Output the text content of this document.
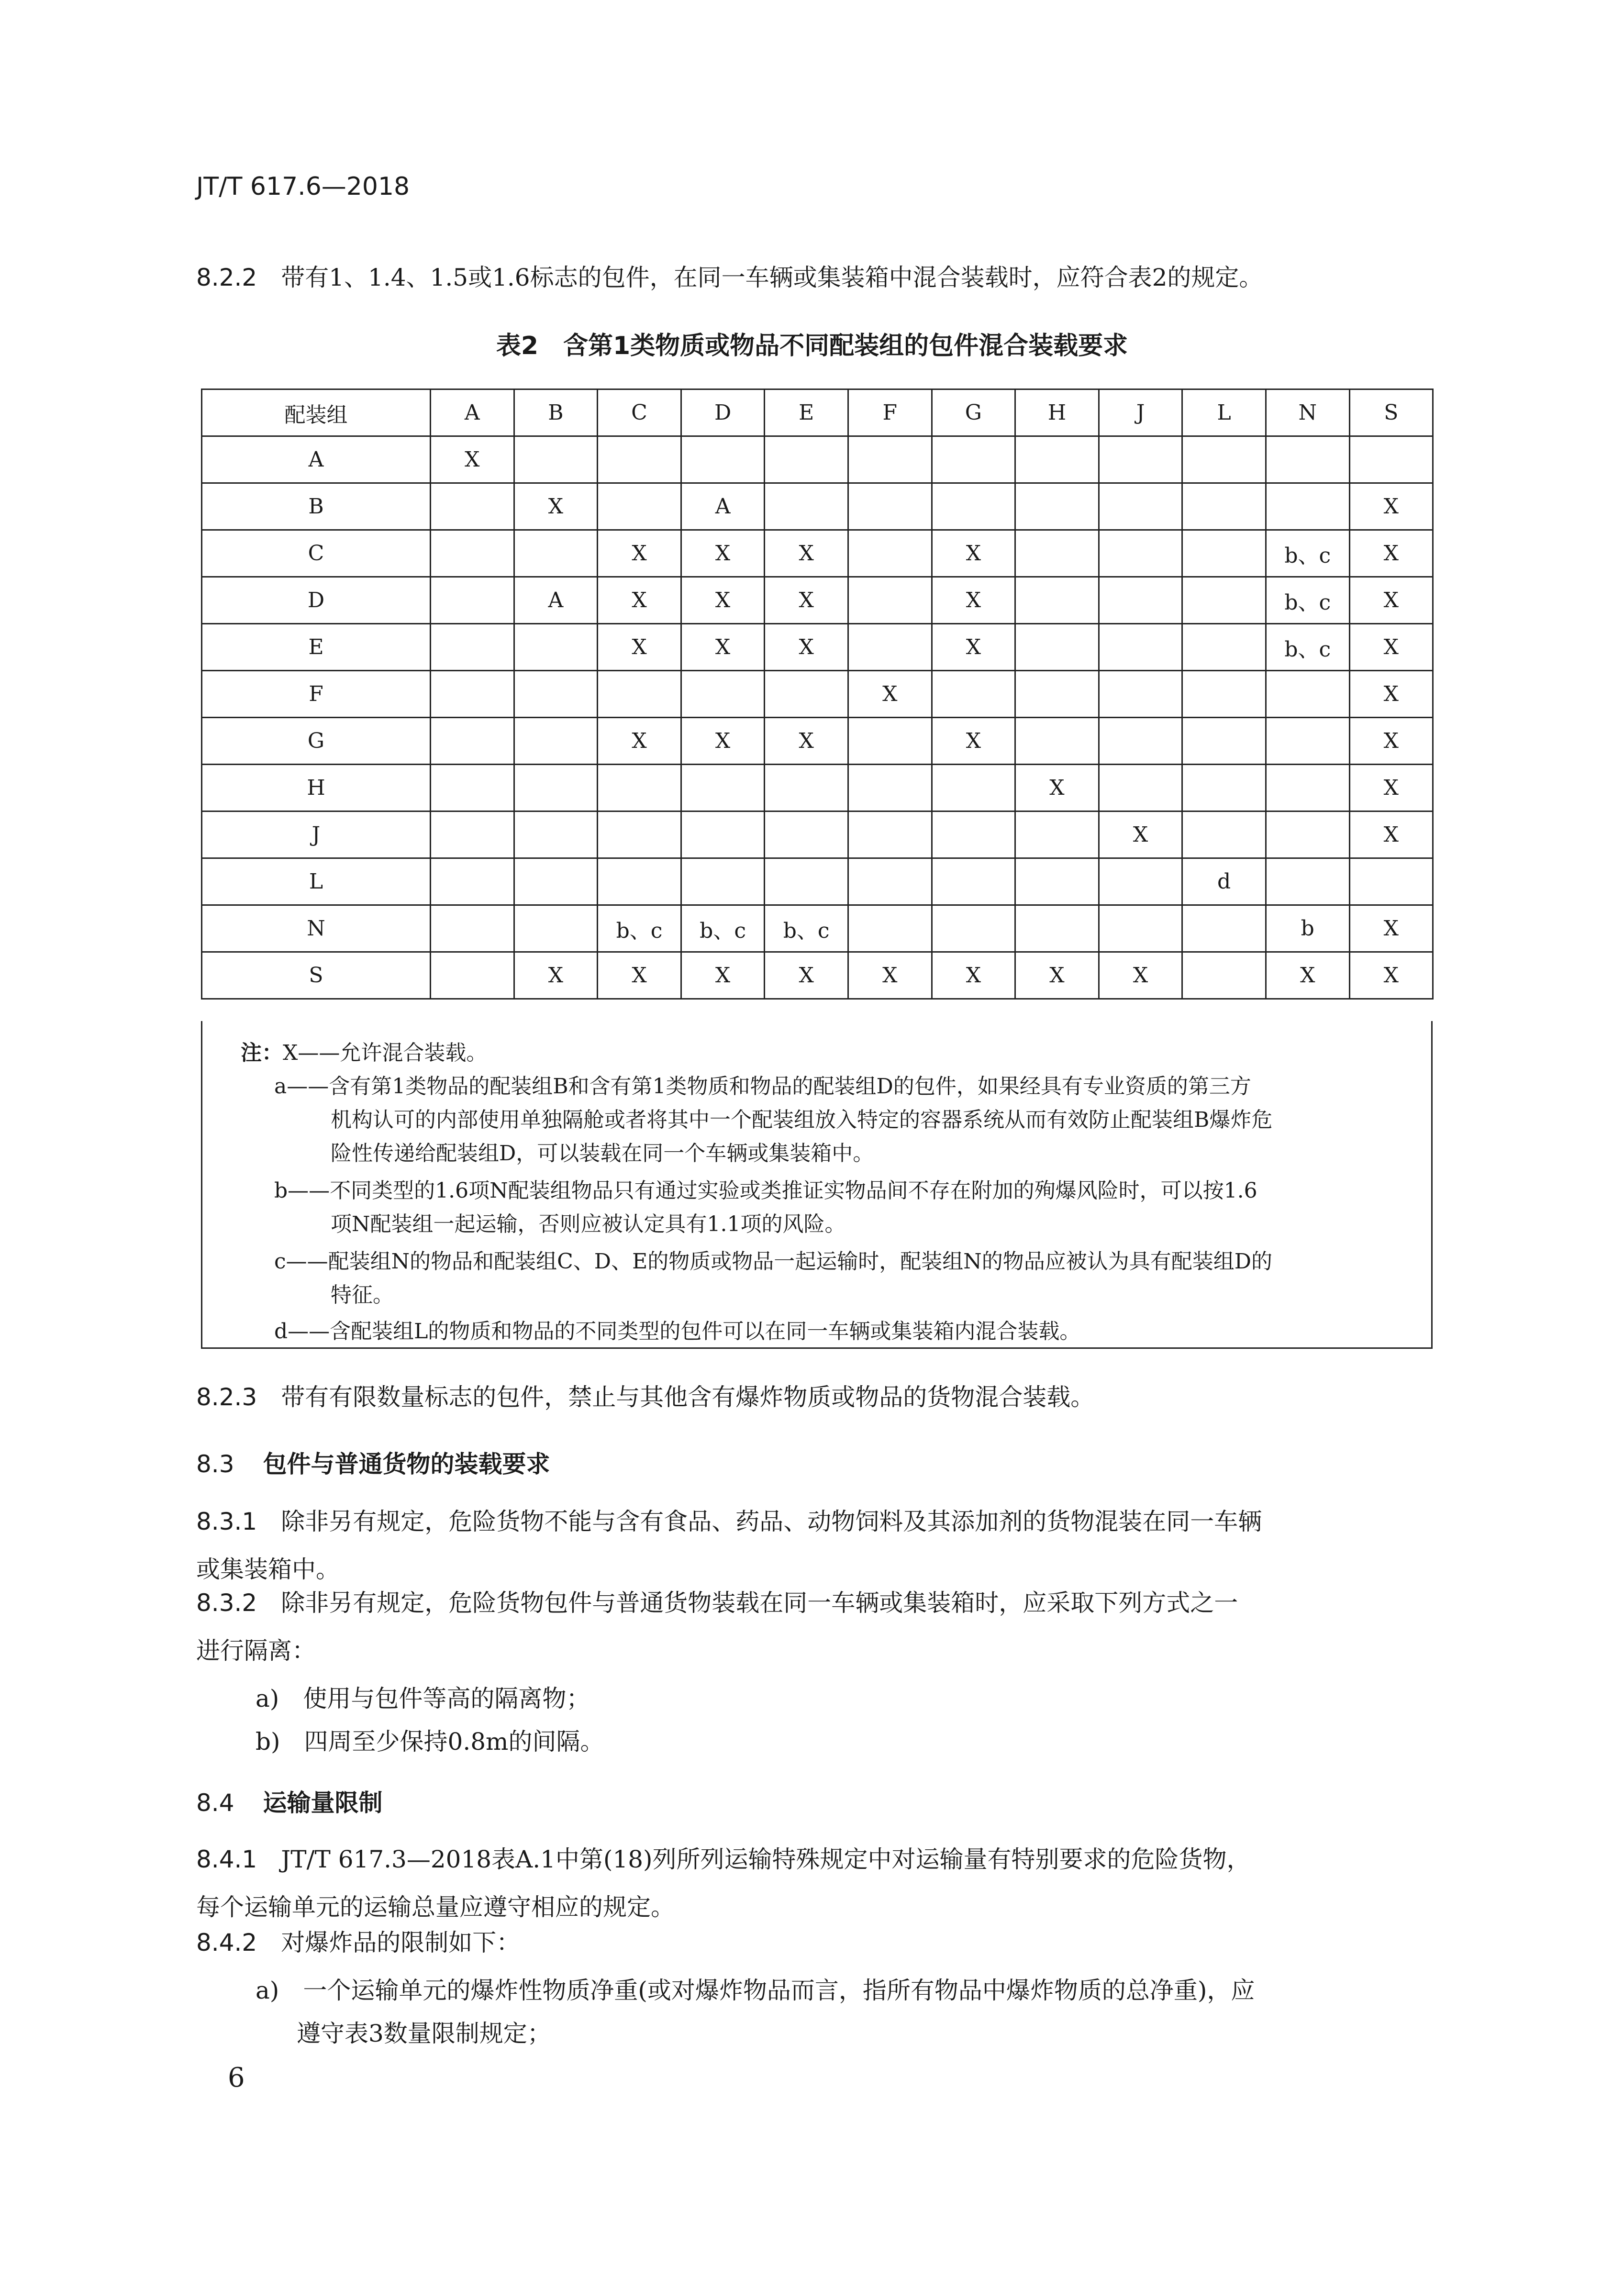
JT/T 617.6—2018
8.2.2 带有1、1.4、1.5或1.6标志的包件，在同一车辆或集装箱中混合装载时，应符合表2的规定。
表2　含第1类物质或物品不同配装组的包件混合装载要求
配装组	A	B	C	D	E	F	G	H	J	L	N	S
A	X											
B		X		A								X
C			X	X	X		X				b、c	X
D		A	X	X	X		X				b、c	X
E			X	X	X		X				b、c	X
F						X						X
G			X	X	X		X					X
H								X				X
J									X			X
L										d		
N			b、c	b、c	b、c						b	X
S		X	X	X	X	X	X	X	X		X	X
注：X——允许混合装载。
a——含有第1类物品的配装组B和含有第1类物质和物品的配装组D的包件，如果经具有专业资质的第三方
机构认可的内部使用单独隔舱或者将其中一个配装组放入特定的容器系统从而有效防止配装组B爆炸危
险性传递给配装组D，可以装载在同一个车辆或集装箱中。
b——不同类型的1.6项N配装组物品只有通过实验或类推证实物品间不存在附加的殉爆风险时，可以按1.6
项N配装组一起运输，否则应被认定具有1.1项的风险。
c——配装组N的物品和配装组C、D、E的物质或物品一起运输时，配装组N的物品应被认为具有配装组D的
特征。
d——含配装组L的物质和物品的不同类型的包件可以在同一车辆或集装箱内混合装载。
8.2.3 带有有限数量标志的包件，禁止与其他含有爆炸物质或物品的货物混合装载。
8.3 包件与普通货物的装载要求
8.3.1 除非另有规定，危险货物不能与含有食品、药品、动物饲料及其添加剂的货物混装在同一车辆
或集装箱中。
8.3.2 除非另有规定，危险货物包件与普通货物装载在同一车辆或集装箱时，应采取下列方式之一
进行隔离：
a)　使用与包件等高的隔离物；
b)　四周至少保持0.8m的间隔。
8.4 运输量限制
8.4.1 JT/T 617.3—2018表A.1中第(18)列所列运输特殊规定中对运输量有特别要求的危险货物，
每个运输单元的运输总量应遵守相应的规定。
8.4.2 对爆炸品的限制如下：
a)　一个运输单元的爆炸性物质净重(或对爆炸物品而言，指所有物品中爆炸物质的总净重)，应
遵守表3数量限制规定；
6
